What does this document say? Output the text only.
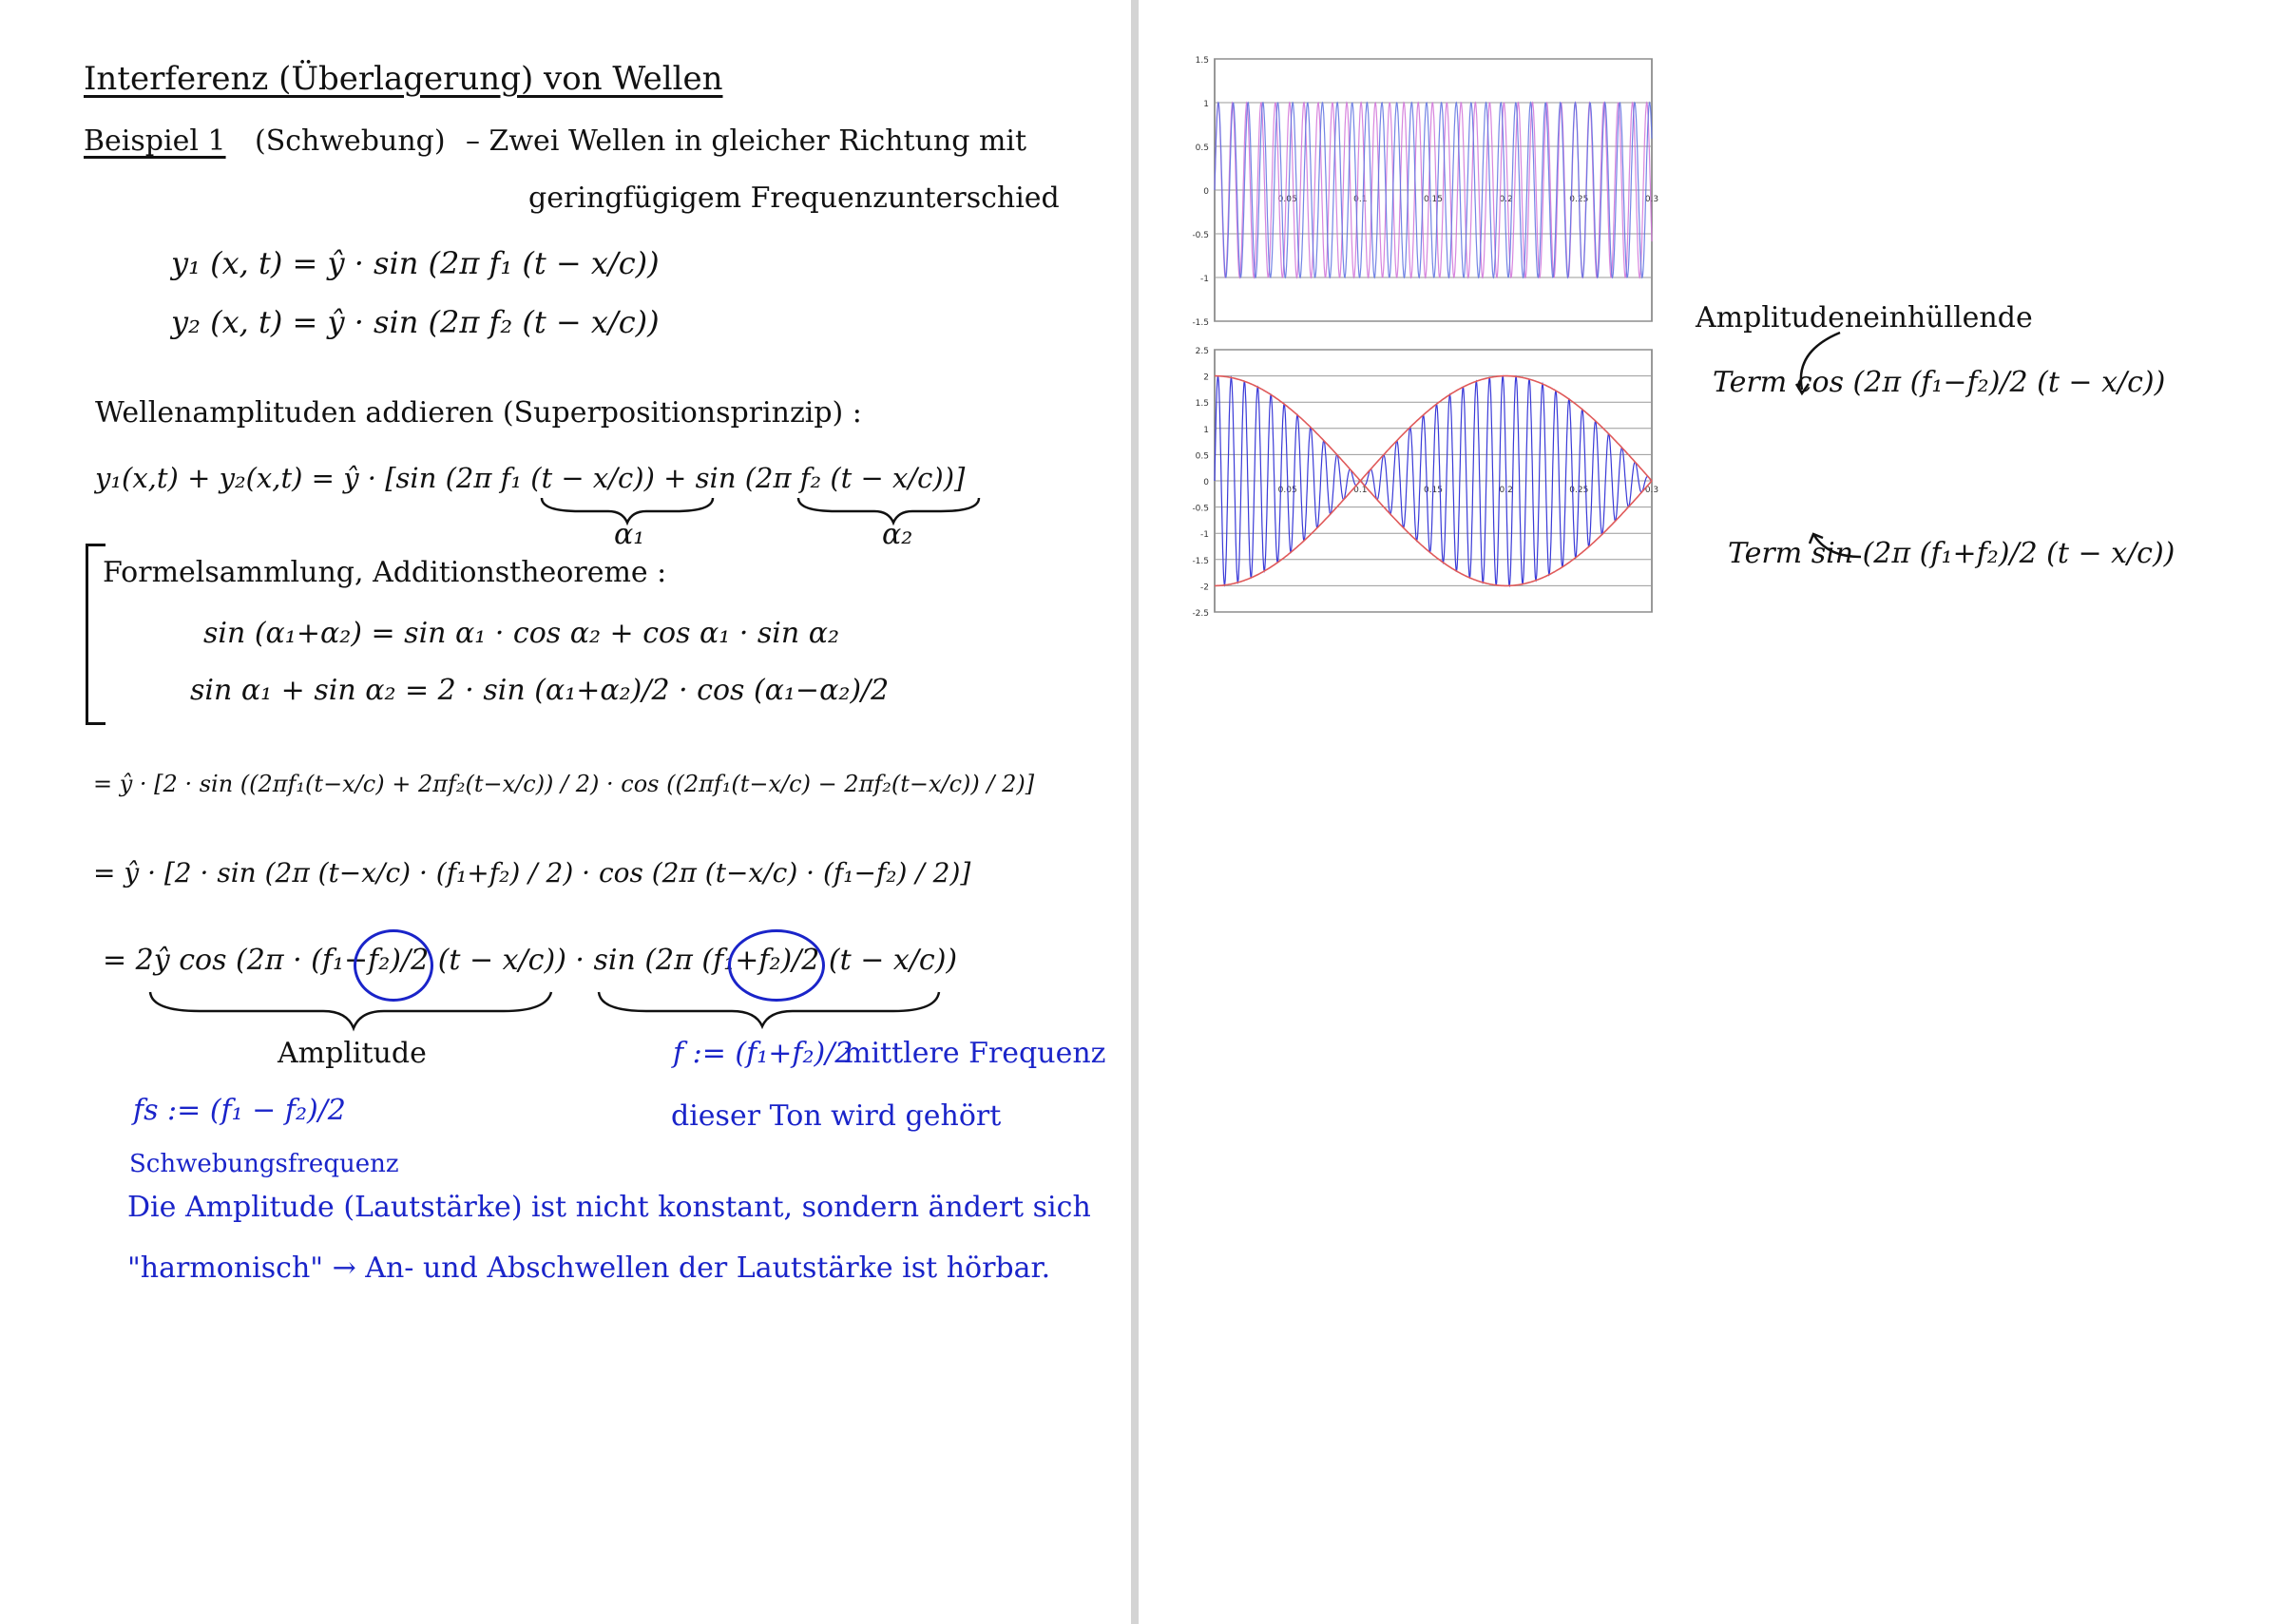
Interferenz (Überlagerung) von Wellen
Beispiel 1 (Schwebung) – Zwei Wellen in gleicher Richtung mit
geringfügigem Frequenzunterschied
y₁ (x, t) = ŷ · sin (2π f₁ (t − x/c))
y₂ (x, t) = ŷ · sin (2π f₂ (t − x/c))
Wellenamplituden addieren (Superpositionsprinzip) :
y₁(x,t) + y₂(x,t) = ŷ · [sin (2π f₁ (t − x/c)) + sin (2π f₂ (t − x/c))]
α₁	α₂
Formelsammlung, Additionstheoreme :
sin (α₁+α₂) = sin α₁ · cos α₂ + cos α₁ · sin α₂
sin α₁ + sin α₂ = 2 · sin (α₁+α₂)/2 · cos (α₁−α₂)/2
= ŷ · [2 · sin ((2πf₁(t−x/c) + 2πf₂(t−x/c)) / 2) · cos ((2πf₁(t−x/c) − 2πf₂(t−x/c)) / 2)]
= ŷ · [2 · sin (2π (t−x/c) · (f₁+f₂) / 2) · cos (2π (t−x/c) · (f₁−f₂) / 2)]
= 2ŷ cos (2π · (f₁−f₂)/2 (t − x/c)) · sin (2π (f₁+f₂)/2 (t − x/c))
Amplitude
fs := (f₁ − f₂)/2
Schwebungsfrequenz
f := (f₁+f₂)/2
mittlere Frequenz
dieser Ton wird gehört
Die Amplitude (Lautstärke) ist nicht konstant, sondern ändert sich
"harmonisch" → An- und Abschwellen der Lautstärke ist hörbar.
1.5
1
0.5
0
-0.5
-1
-1.5
0.05	0.1	0.15	0.2	0.25	0.3
2.5
2
1.5
1
0.5
0
-0.5
-1
-1.5
-2
-2.5
0.05	0.1	0.15	0.2	0.25	0.3
Amplitudeneinhüllende
Term cos (2π (f₁−f₂)/2 (t − x/c))
Term sin (2π (f₁+f₂)/2 (t − x/c))
